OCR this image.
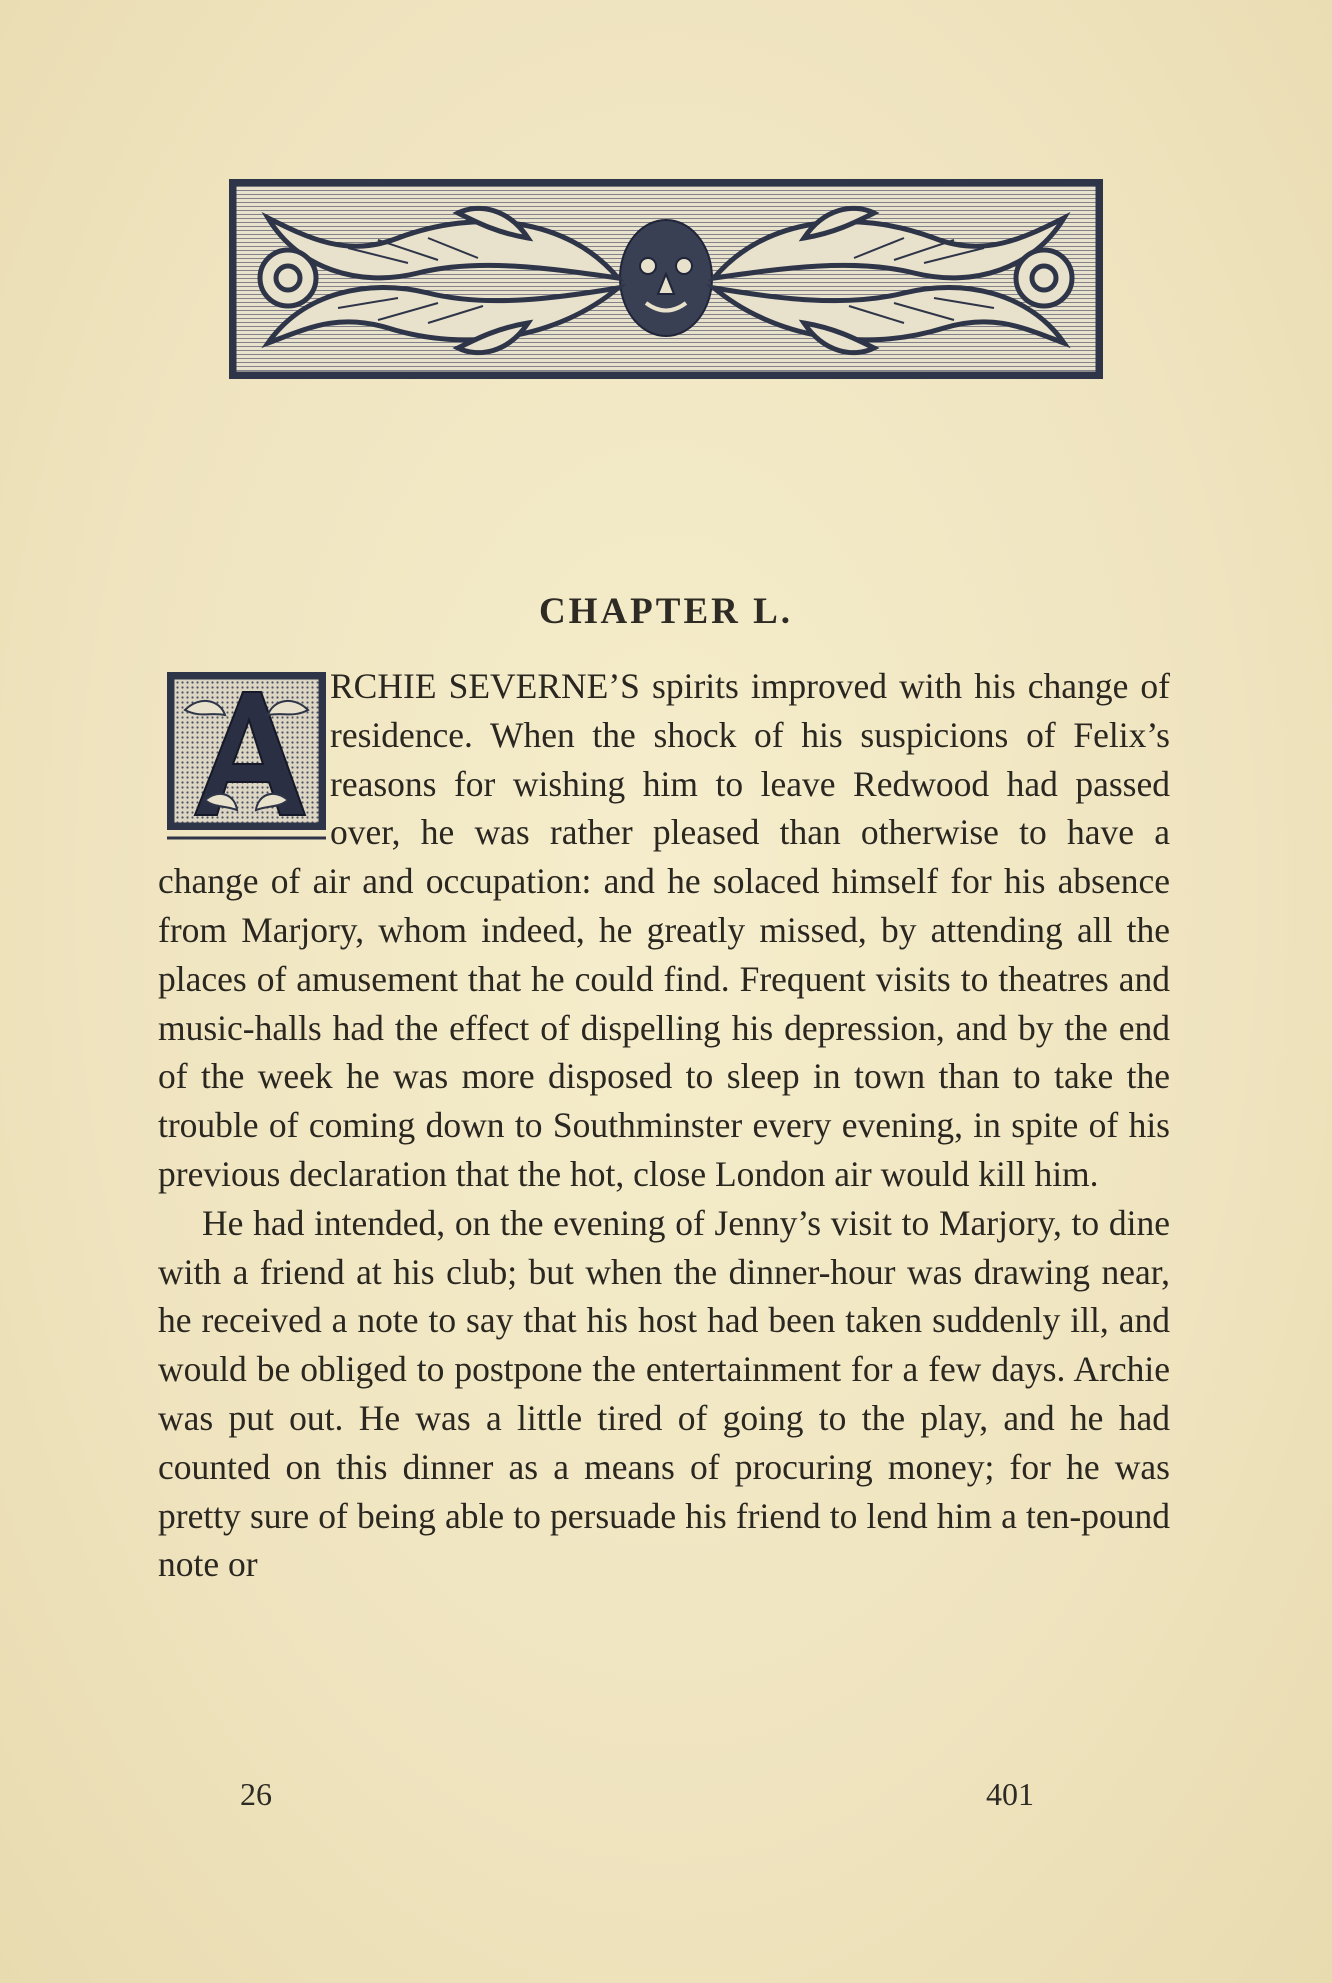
CHAPTER L.

RCHIE SEVERNE’S spirits improved with his change of residence. When the shock of his suspicions of Felix’s reasons for wishing him to leave Redwood had passed over, he was rather pleased than otherwise to have a change of air and occupation: and he solaced himself for his absence from Marjory, whom indeed, he greatly missed, by attending all the places of amusement that he could find. Frequent visits to theatres and music-halls had the effect of dispelling his depression, and by the end of the week he was more disposed to sleep in town than to take the trouble of coming down to Southminster every evening, in spite of his previous declaration that the hot, close London air would kill him.

He had intended, on the evening of Jenny’s visit to Marjory, to dine with a friend at his club; but when the dinner-hour was drawing near, he received a note to say that his host had been taken suddenly ill, and would be obliged to postpone the entertainment for a few days. Archie was put out. He was a little tired of going to the play, and he had counted on this dinner as a means of procuring money; for he was pretty sure of being able to persuade his friend to lend him a ten-pound note or

26	401
